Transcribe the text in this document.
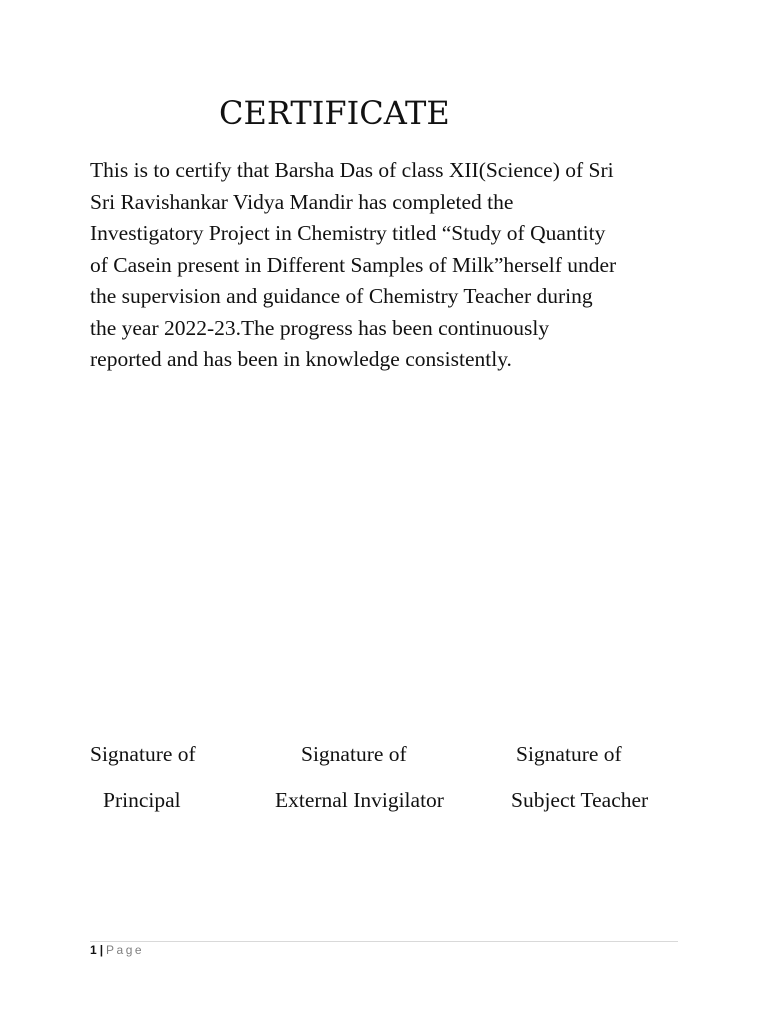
CERTIFICATE

This is to certify that Barsha Das of class XII(Science) of Sri
Sri Ravishankar Vidya Mandir has completed the
Investigatory Project in Chemistry titled “Study of Quantity
of Casein present in Different Samples of Milk”herself under
the supervision and guidance of Chemistry Teacher during
the year 2022-23.The progress has been continuously
reported and has been in knowledge consistently.

Signature of	Signature of	Signature of
Principal	External Invigilator	Subject Teacher
1 | Page
